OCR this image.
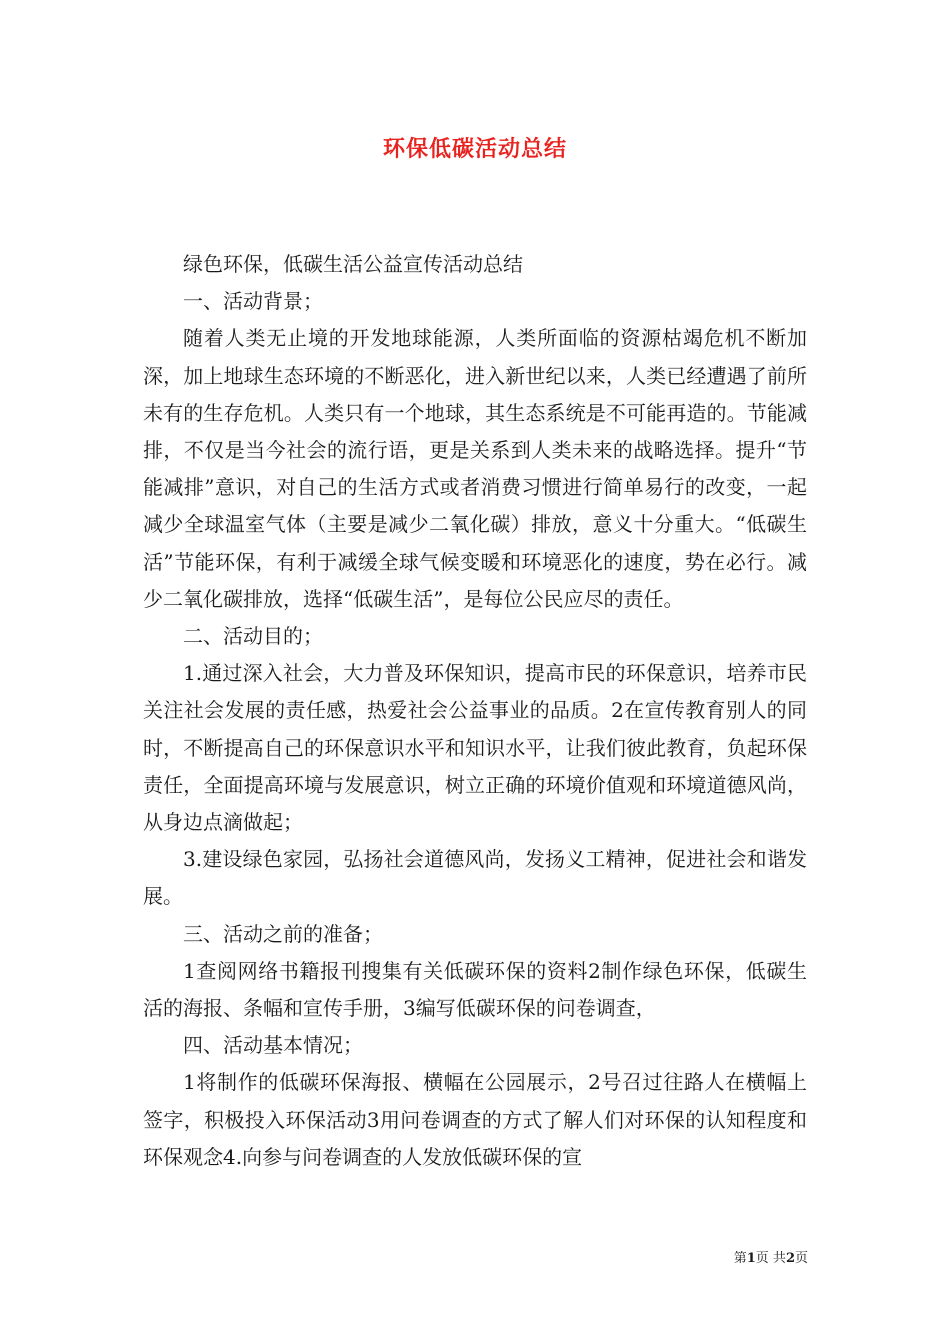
环保低碳活动总结

绿色环保，低碳生活公益宣传活动总结

一、活动背景；

随着人类无止境的开发地球能源，人类所面临的资源枯竭危机不断加深，加上地球生态环境的不断恶化，进入新世纪以来，人类已经遭遇了前所未有的生存危机。人类只有一个地球，其生态系统是不可能再造的。节能减排，不仅是当今社会的流行语，更是关系到人类未来的战略选择。提升“节能减排”意识，对自己的生活方式或者消费习惯进行简单易行的改变，一起减少全球温室气体（主要是减少二氧化碳）排放，意义十分重大。“低碳生活”节能环保，有利于减缓全球气候变暖和环境恶化的速度，势在必行。减少二氧化碳排放，选择“低碳生活”，是每位公民应尽的责任。

二、活动目的；

1.通过深入社会，大力普及环保知识，提高市民的环保意识，培养市民关注社会发展的责任感，热爱社会公益事业的品质。2在宣传教育别人的同时，不断提高自己的环保意识水平和知识水平，让我们彼此教育，负起环保责任，全面提高环境与发展意识，树立正确的环境价值观和环境道德风尚，从身边点滴做起；

3.建设绿色家园，弘扬社会道德风尚，发扬义工精神，促进社会和谐发展。

三、活动之前的准备；

1查阅网络书籍报刊搜集有关低碳环保的资料2制作绿色环保，低碳生活的海报、条幅和宣传手册，3编写低碳环保的问卷调查，

四、活动基本情况；

1将制作的低碳环保海报、横幅在公园展示，2号召过往路人在横幅上签字，积极投入环保活动3用问卷调查的方式了解人们对环保的认知程度和环保观念4.向参与问卷调查的人发放低碳环保的宣

第1页 共2页
